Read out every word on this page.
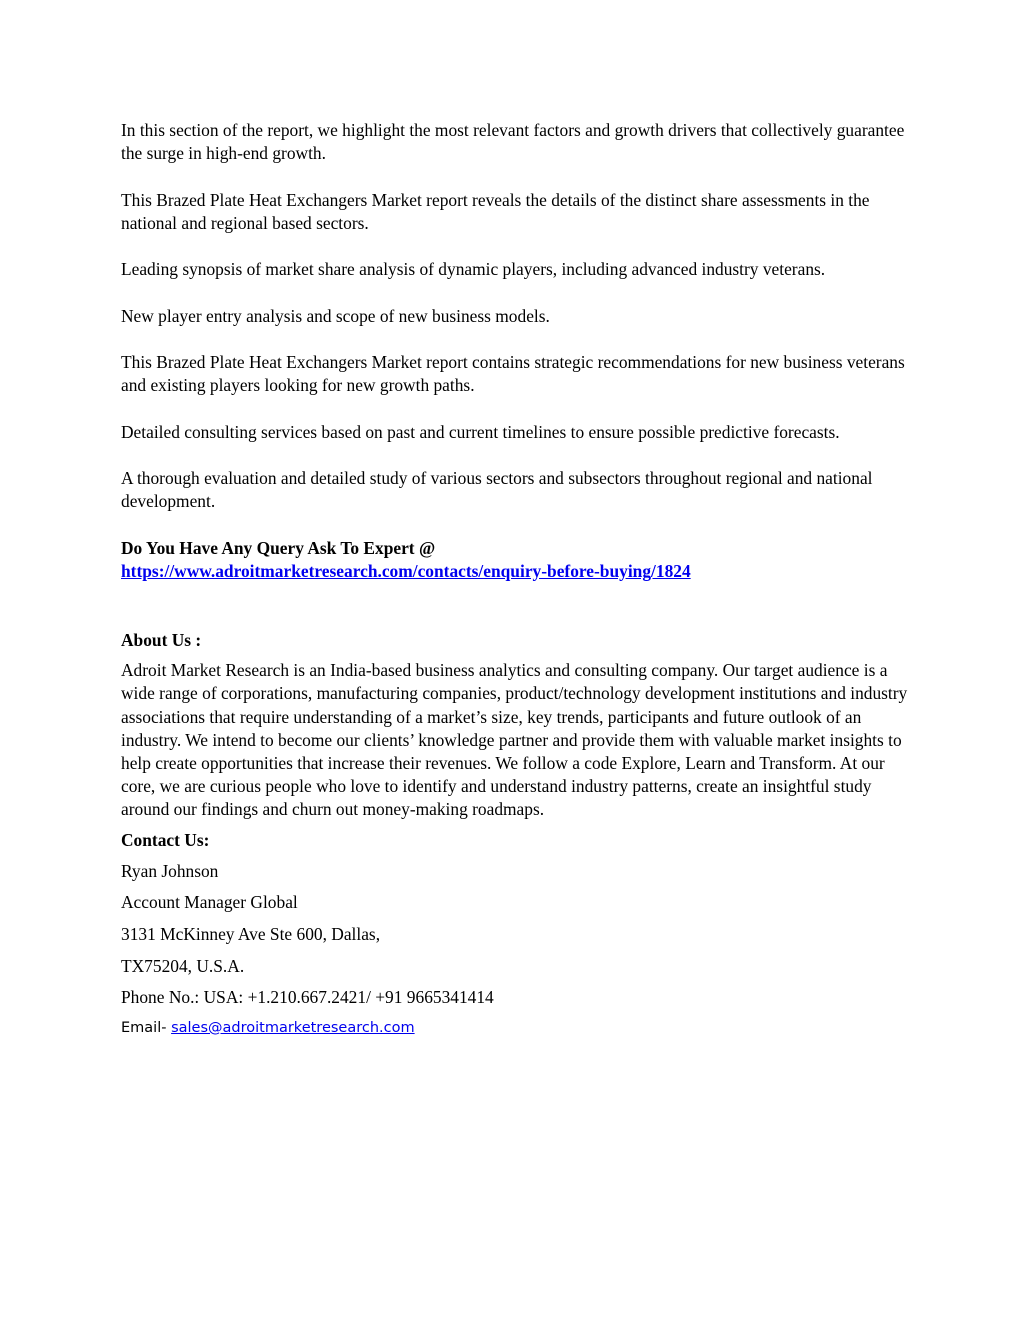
In this section of the report, we highlight the most relevant factors and growth drivers that collectively guarantee the surge in high-end growth.

This Brazed Plate Heat Exchangers Market report reveals the details of the distinct share assessments in the national and regional based sectors.

Leading synopsis of market share analysis of dynamic players, including advanced industry veterans.

New player entry analysis and scope of new business models.

This Brazed Plate Heat Exchangers Market report contains strategic recommendations for new business veterans and existing players looking for new growth paths.

Detailed consulting services based on past and current timelines to ensure possible predictive forecasts.

A thorough evaluation and detailed study of various sectors and subsectors throughout regional and national development.

Do You Have Any Query Ask To Expert @
https://www.adroitmarketresearch.com/contacts/enquiry-before-buying/1824
About Us :

Adroit Market Research is an India-based business analytics and consulting company. Our target audience is a wide range of corporations, manufacturing companies, product/technology development institutions and industry associations that require understanding of a market’s size, key trends, participants and future outlook of an industry. We intend to become our clients’ knowledge partner and provide them with valuable market insights to help create opportunities that increase their revenues. We follow a code Explore, Learn and Transform. At our core, we are curious people who love to identify and understand industry patterns, create an insightful study around our findings and churn out money-making roadmaps.

Contact Us:

Ryan Johnson

Account Manager Global

3131 McKinney Ave Ste 600, Dallas,

TX75204, U.S.A.

Phone No.: USA: +1.210.667.2421/ +91 9665341414

Email- sales@adroitmarketresearch.com
